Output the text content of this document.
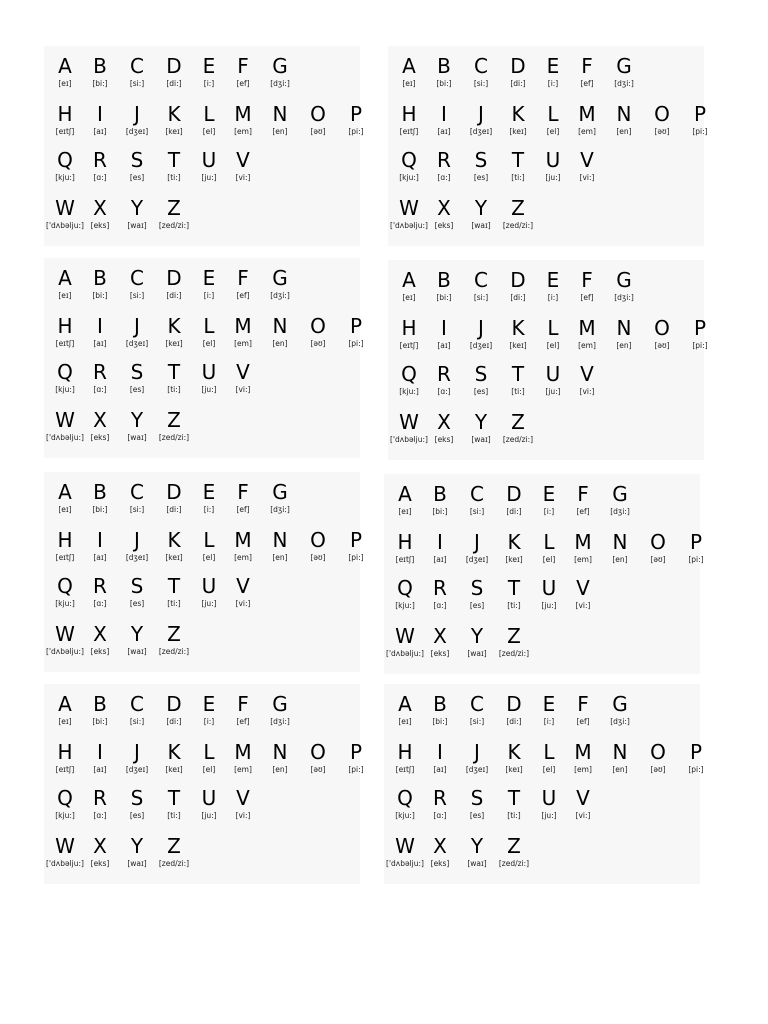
A
[eɪ]
B
[bi:]
C
[si:]
D
[di:]
E
[i:]
F
[ef]
G
[dʒi:]
H
[eɪtʃ]
I
[aɪ]
J
[dʒeɪ]
K
[keɪ]
L
[el]
M
[em]
N
[en]
O
[əʊ]
P
[pi:]
Q
[kju:]
R
[ɑ:]
S
[es]
T
[ti:]
U
[ju:]
V
[vi:]
W
['dʌbəlju:]
X
[eks]
Y
[waɪ]
Z
[zed/zi:]
A
[eɪ]
B
[bi:]
C
[si:]
D
[di:]
E
[i:]
F
[ef]
G
[dʒi:]
H
[eɪtʃ]
I
[aɪ]
J
[dʒeɪ]
K
[keɪ]
L
[el]
M
[em]
N
[en]
O
[əʊ]
P
[pi:]
Q
[kju:]
R
[ɑ:]
S
[es]
T
[ti:]
U
[ju:]
V
[vi:]
W
['dʌbəlju:]
X
[eks]
Y
[waɪ]
Z
[zed/zi:]
A
[eɪ]
B
[bi:]
C
[si:]
D
[di:]
E
[i:]
F
[ef]
G
[dʒi:]
H
[eɪtʃ]
I
[aɪ]
J
[dʒeɪ]
K
[keɪ]
L
[el]
M
[em]
N
[en]
O
[əʊ]
P
[pi:]
Q
[kju:]
R
[ɑ:]
S
[es]
T
[ti:]
U
[ju:]
V
[vi:]
W
['dʌbəlju:]
X
[eks]
Y
[waɪ]
Z
[zed/zi:]
A
[eɪ]
B
[bi:]
C
[si:]
D
[di:]
E
[i:]
F
[ef]
G
[dʒi:]
H
[eɪtʃ]
I
[aɪ]
J
[dʒeɪ]
K
[keɪ]
L
[el]
M
[em]
N
[en]
O
[əʊ]
P
[pi:]
Q
[kju:]
R
[ɑ:]
S
[es]
T
[ti:]
U
[ju:]
V
[vi:]
W
['dʌbəlju:]
X
[eks]
Y
[waɪ]
Z
[zed/zi:]
A
[eɪ]
B
[bi:]
C
[si:]
D
[di:]
E
[i:]
F
[ef]
G
[dʒi:]
H
[eɪtʃ]
I
[aɪ]
J
[dʒeɪ]
K
[keɪ]
L
[el]
M
[em]
N
[en]
O
[əʊ]
P
[pi:]
Q
[kju:]
R
[ɑ:]
S
[es]
T
[ti:]
U
[ju:]
V
[vi:]
W
['dʌbəlju:]
X
[eks]
Y
[waɪ]
Z
[zed/zi:]
A
[eɪ]
B
[bi:]
C
[si:]
D
[di:]
E
[i:]
F
[ef]
G
[dʒi:]
H
[eɪtʃ]
I
[aɪ]
J
[dʒeɪ]
K
[keɪ]
L
[el]
M
[em]
N
[en]
O
[əʊ]
P
[pi:]
Q
[kju:]
R
[ɑ:]
S
[es]
T
[ti:]
U
[ju:]
V
[vi:]
W
['dʌbəlju:]
X
[eks]
Y
[waɪ]
Z
[zed/zi:]
A
[eɪ]
B
[bi:]
C
[si:]
D
[di:]
E
[i:]
F
[ef]
G
[dʒi:]
H
[eɪtʃ]
I
[aɪ]
J
[dʒeɪ]
K
[keɪ]
L
[el]
M
[em]
N
[en]
O
[əʊ]
P
[pi:]
Q
[kju:]
R
[ɑ:]
S
[es]
T
[ti:]
U
[ju:]
V
[vi:]
W
['dʌbəlju:]
X
[eks]
Y
[waɪ]
Z
[zed/zi:]
A
[eɪ]
B
[bi:]
C
[si:]
D
[di:]
E
[i:]
F
[ef]
G
[dʒi:]
H
[eɪtʃ]
I
[aɪ]
J
[dʒeɪ]
K
[keɪ]
L
[el]
M
[em]
N
[en]
O
[əʊ]
P
[pi:]
Q
[kju:]
R
[ɑ:]
S
[es]
T
[ti:]
U
[ju:]
V
[vi:]
W
['dʌbəlju:]
X
[eks]
Y
[waɪ]
Z
[zed/zi:]
